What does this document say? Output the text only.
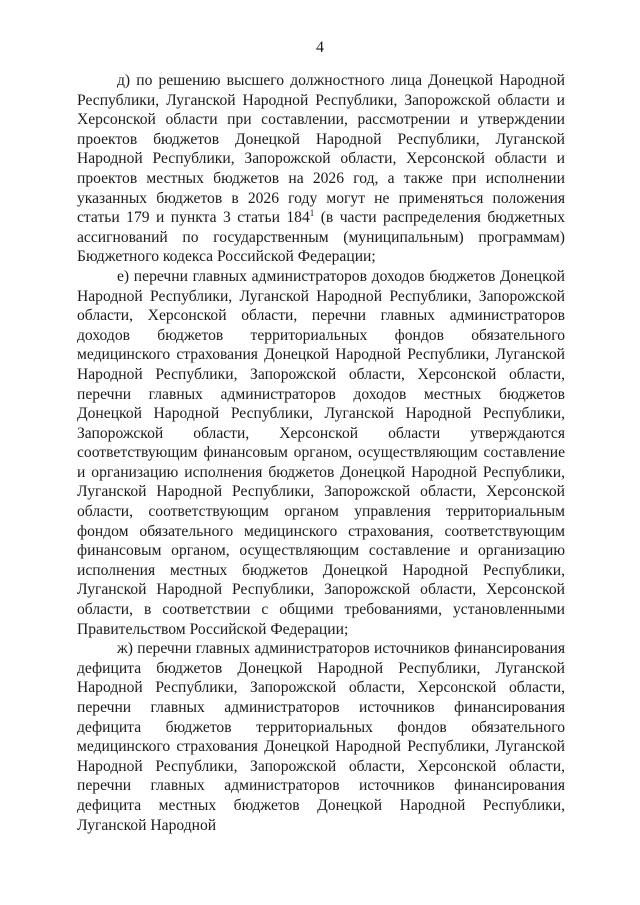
4

д) по решению высшего должностного лица Донецкой Народной Республики, Луганской Народной Республики, Запорожской области и Херсонской области при составлении, рассмотрении и утверждении проектов бюджетов Донецкой Народной Республики, Луганской Народной Республики, Запорожской области, Херсонской области и проектов местных бюджетов на 2026 год, а также при исполнении указанных бюджетов в 2026 году могут не применяться положения статьи 179 и пункта 3 статьи $184^1$ (в части распределения бюджетных ассигнований по государственным (муниципальным) программам) Бюджетного кодекса Российской Федерации;

е) перечни главных администраторов доходов бюджетов Донецкой Народной Республики, Луганской Народной Республики, Запорожской области, Херсонской области, перечни главных администраторов доходов бюджетов территориальных фондов обязательного медицинского страхования Донецкой Народной Республики, Луганской Народной Республики, Запорожской области, Херсонской области, перечни главных администраторов доходов местных бюджетов Донецкой Народной Республики, Луганской Народной Республики, Запорожской области, Херсонской области утверждаются соответствующим финансовым органом, осуществляющим составление и организацию исполнения бюджетов Донецкой Народной Республики, Луганской Народной Республики, Запорожской области, Херсонской области, соответствующим органом управления территориальным фондом обязательного медицинского страхования, соответствующим финансовым органом, осуществляющим составление и организацию исполнения местных бюджетов Донецкой Народной Республики, Луганской Народной Республики, Запорожской области, Херсонской области, в соответствии с общими требованиями, установленными Правительством Российской Федерации;

ж) перечни главных администраторов источников финансирования дефицита бюджетов Донецкой Народной Республики, Луганской Народной Республики, Запорожской области, Херсонской области, перечни главных администраторов источников финансирования дефицита бюджетов территориальных фондов обязательного медицинского страхования Донецкой Народной Республики, Луганской Народной Республики, Запорожской области, Херсонской области, перечни главных администраторов источников финансирования дефицита местных бюджетов Донецкой Народной Республики, Луганской Народной
